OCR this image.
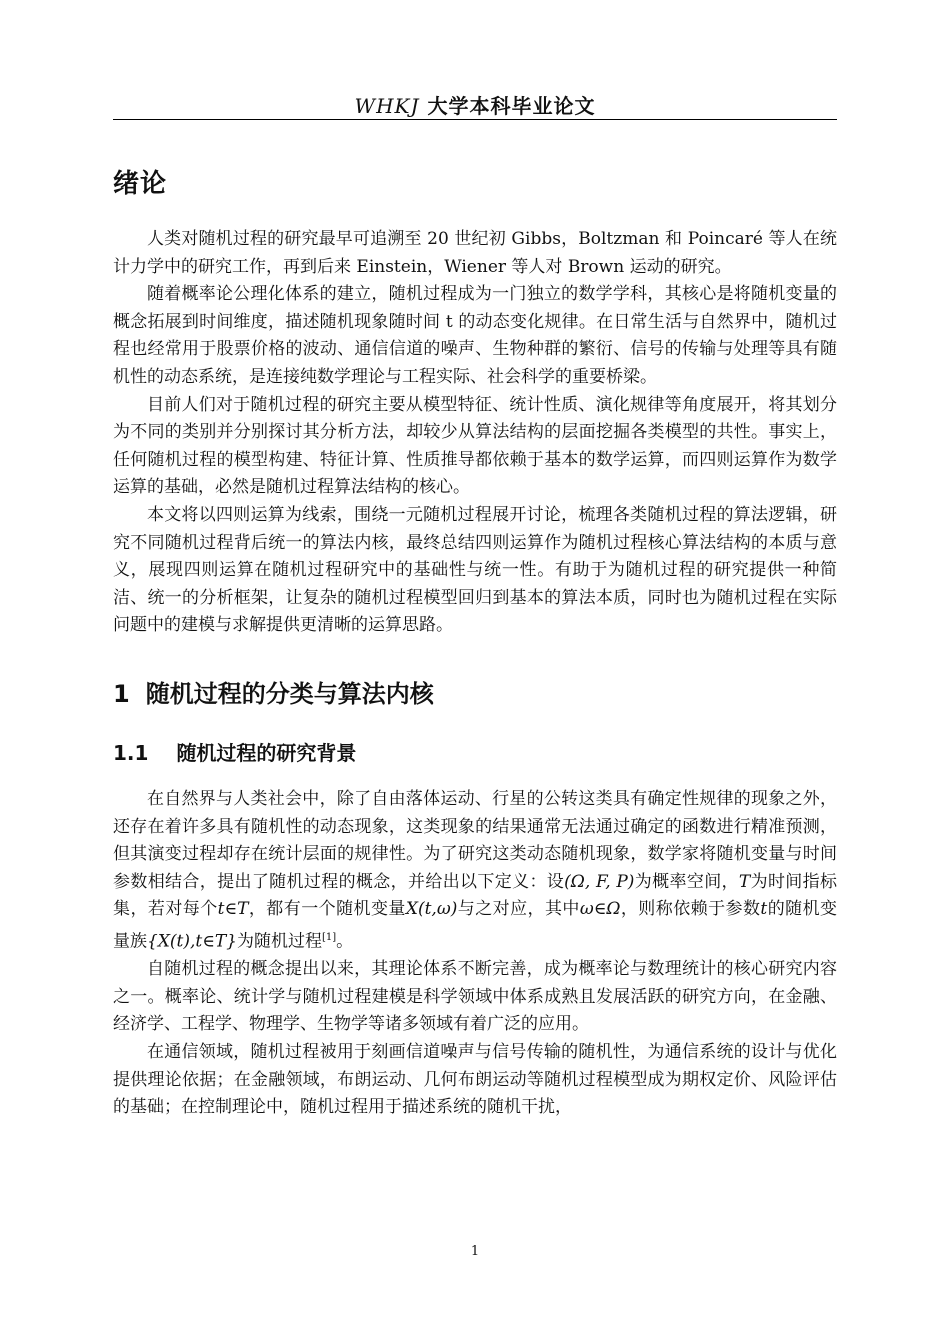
WHKJ 大学本科毕业论文
绪论

人类对随机过程的研究最早可追溯至 20 世纪初 Gibbs，Boltzman 和 Poincaré 等人在统计力学中的研究工作，再到后来 Einstein，Wiener 等人对 Brown 运动的研究。

随着概率论公理化体系的建立，随机过程成为一门独立的数学学科，其核心是将随机变量的概念拓展到时间维度，描述随机现象随时间 t 的动态变化规律。在日常生活与自然界中，随机过程也经常用于股票价格的波动、通信信道的噪声、生物种群的繁衍、信号的传输与处理等具有随机性的动态系统，是连接纯数学理论与工程实际、社会科学的重要桥梁。

目前人们对于随机过程的研究主要从模型特征、统计性质、演化规律等角度展开，将其划分为不同的类别并分别探讨其分析方法，却较少从算法结构的层面挖掘各类模型的共性。事实上，任何随机过程的模型构建、特征计算、性质推导都依赖于基本的数学运算，而四则运算作为数学运算的基础，必然是随机过程算法结构的核心。

本文将以四则运算为线索，围绕一元随机过程展开讨论，梳理各类随机过程的算法逻辑，研究不同随机过程背后统一的算法内核，最终总结四则运算作为随机过程核心算法结构的本质与意义，展现四则运算在随机过程研究中的基础性与统一性。有助于为随机过程的研究提供一种简洁、统一的分析框架，让复杂的随机过程模型回归到基本的算法本质，同时也为随机过程在实际问题中的建模与求解提供更清晰的运算思路。

1 随机过程的分类与算法内核
1.1 随机过程的研究背景

在自然界与人类社会中，除了自由落体运动、行星的公转这类具有确定性规律的现象之外，还存在着许多具有随机性的动态现象，这类现象的结果通常无法通过确定的函数进行精准预测，但其演变过程却存在统计层面的规律性。为了研究这类动态随机现象，数学家将随机变量与时间参数相结合，提出了随机过程的概念，并给出以下定义：设(Ω, F, P)为概率空间，T为时间指标集，若对每个t∈T，都有一个随机变量X(t,ω)与之对应，其中ω∈Ω，则称依赖于参数t的随机变量族{X(t),t∈T}为随机过程[1]。

自随机过程的概念提出以来，其理论体系不断完善，成为概率论与数理统计的核心研究内容之一。概率论、统计学与随机过程建模是科学领域中体系成熟且发展活跃的研究方向，在金融、经济学、工程学、物理学、生物学等诸多领域有着广泛的应用。

在通信领域，随机过程被用于刻画信道噪声与信号传输的随机性，为通信系统的设计与优化提供理论依据；在金融领域，布朗运动、几何布朗运动等随机过程模型成为期权定价、风险评估的基础；在控制理论中，随机过程用于描述系统的随机干扰，

1
